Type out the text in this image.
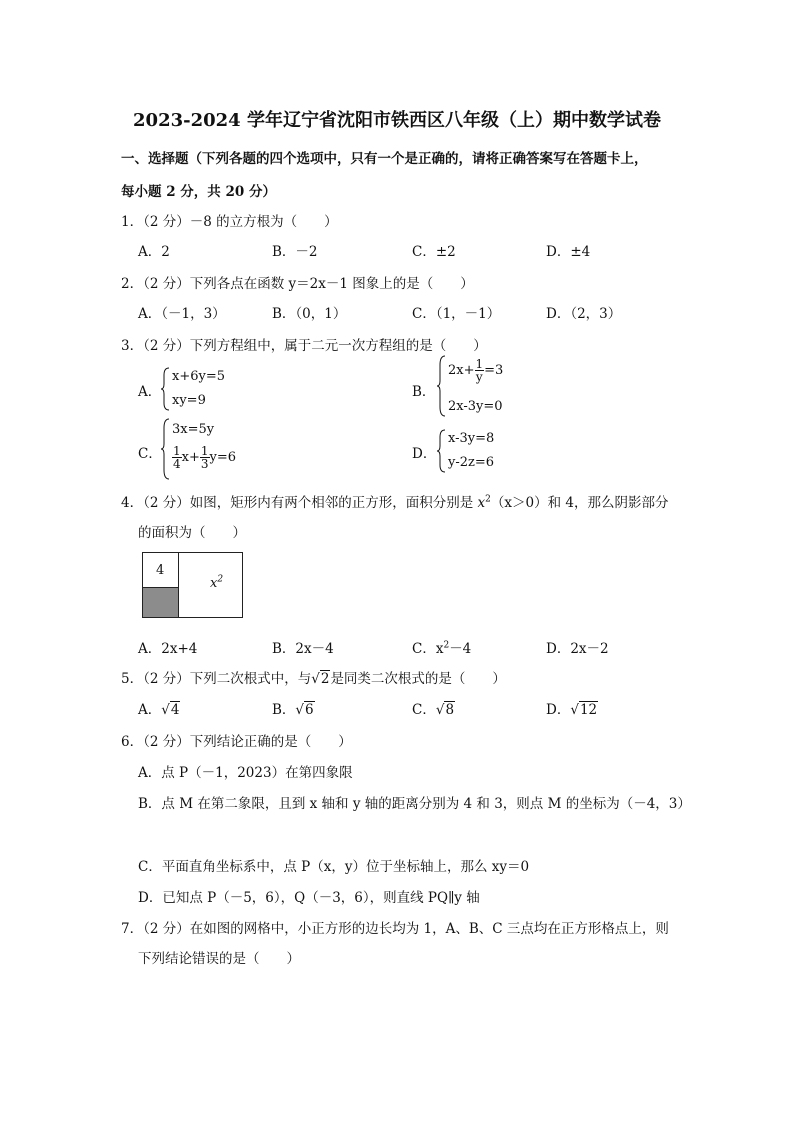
2023-2024 学年辽宁省沈阳市铁西区八年级（上）期中数学试卷
一、选择题（下列各题的四个选项中，只有一个是正确的，请将正确答案写在答题卡上，
每小题 2 分，共 20 分）
1．（2 分）－8 的立方根为（　　）
A．2	B．－2	C．±2	D．±4
2．（2 分）下列各点在函数 y＝2x－1 图象上的是（　　）
A．（－1，3）	B．（0，1）	C．（1，－1）	D．（2，3）
3．（2 分）下列方程组中，属于二元一次方程组的是（　　）
A．
x+6y=5
xy=9
B．
$2x+ \frac{1}{y} =3$
2x-3y=0
C．
3x=5y
$\frac{1}{4} x+ \frac{1}{3} y=6$	D．
x-3y=8
y-2z=6
4．（2 分）如图，矩形内有两个相邻的正方形，面积分别是 $x^2(x>0)$和 4，那么阴影部分
的面积为（　　）
4
$x^2$
A．2x+4	B．2x－4	C．$x^2-4$	D．2x－2
5．（2 分）下列二次根式中，与√2是同类二次根式的是（　　）
A．√4	B．√6	C．√8	D．√12
6．（2 分）下列结论正确的是（　　）
A．点 P（－1，2023）在第四象限
B．点 M 在第二象限，且到 x 轴和 y 轴的距离分别为 4 和 3，则点 M 的坐标为（－4，3）
C．平面直角坐标系中，点 P（x，y）位于坐标轴上，那么 xy＝0
D．已知点 P（－5，6），Q（－3，6），则直线 PQ∥y 轴
7．（2 分）在如图的网格中，小正方形的边长均为 1，A、B、C 三点均在正方形格点上，则
下列结论错误的是（　　）
